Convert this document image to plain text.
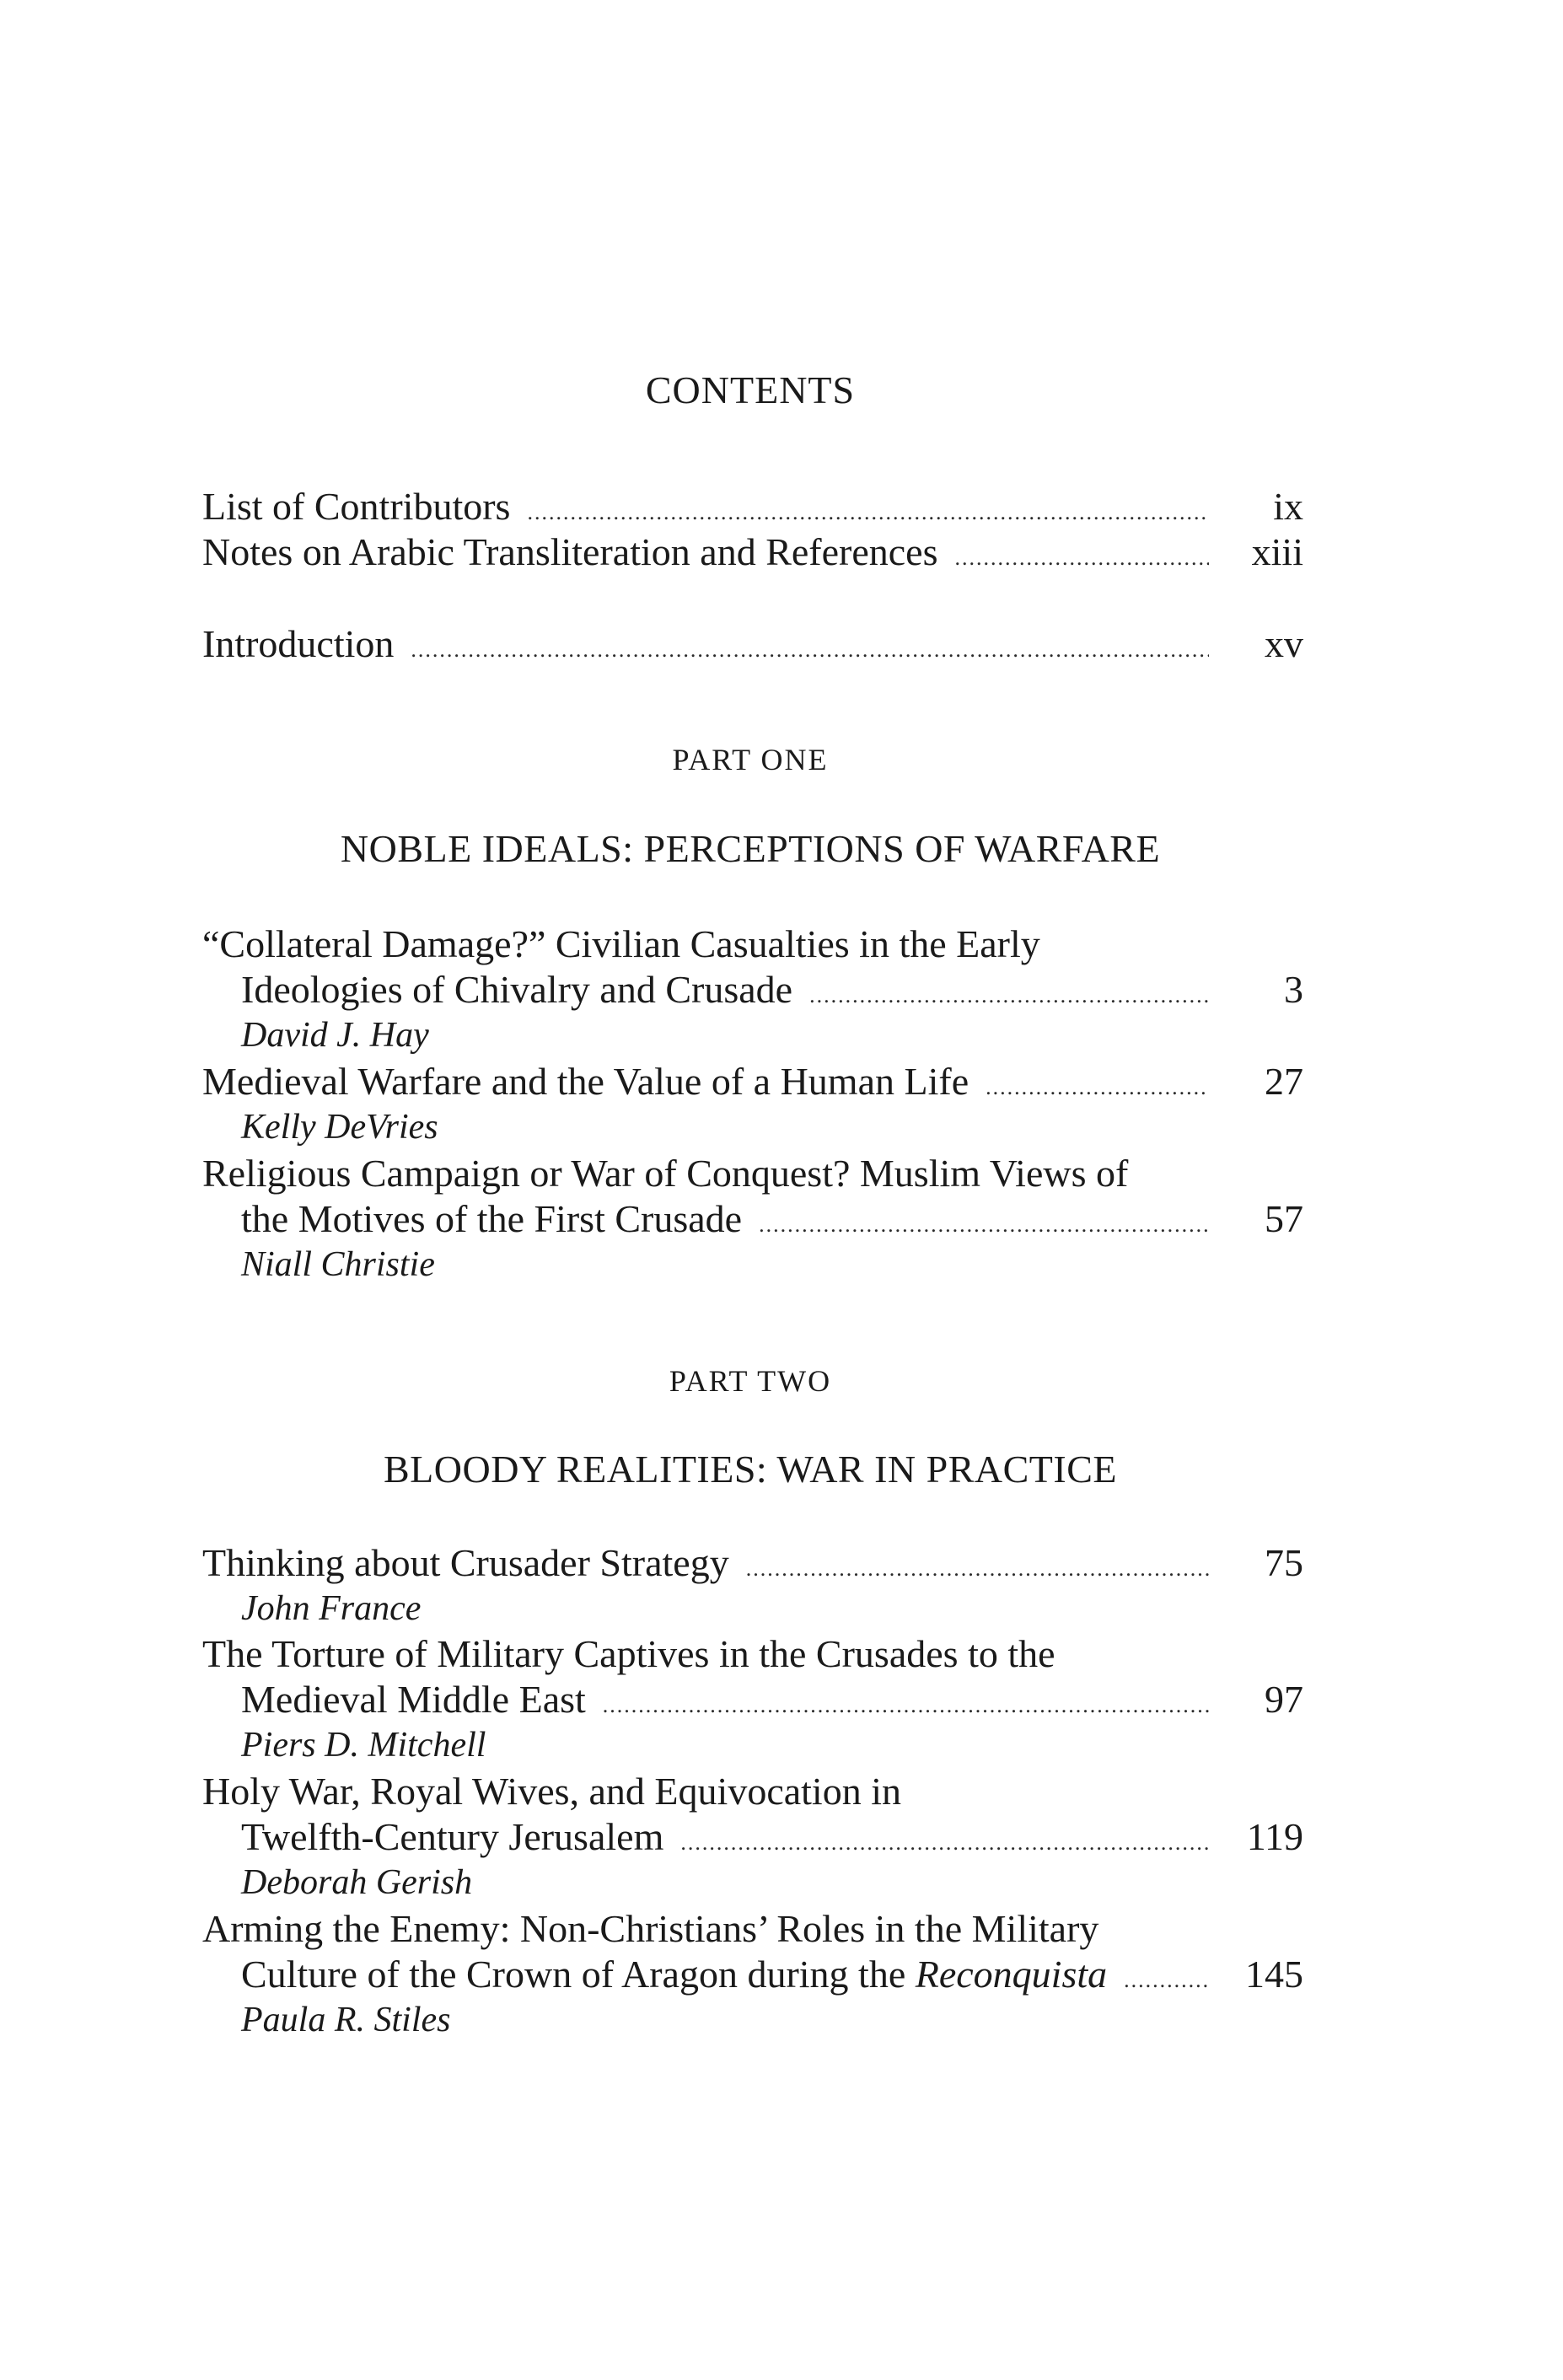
CONTENTS
List of Contributors .....	ix
Notes on Arabic Transliteration and References .....	xiii
Introduction .....	xv
PART ONE
NOBLE IDEALS: PERCEPTIONS OF WARFARE
“Collateral Damage?” Civilian Casualties in the Early
Ideologies of Chivalry and Crusade .....	3
David J. Hay
Medieval Warfare and the Value of a Human Life .....	27
Kelly DeVries
Religious Campaign or War of Conquest? Muslim Views of
the Motives of the First Crusade .....	57
Niall Christie
PART TWO
BLOODY REALITIES: WAR IN PRACTICE
Thinking about Crusader Strategy .....	75
John France
The Torture of Military Captives in the Crusades to the
Medieval Middle East .....	97
Piers D. Mitchell
Holy War, Royal Wives, and Equivocation in
Twelfth-Century Jerusalem .....	119
Deborah Gerish
Arming the Enemy: Non-Christians’ Roles in the Military
Culture of the Crown of Aragon during the Reconquista .....	145
Paula R. Stiles
